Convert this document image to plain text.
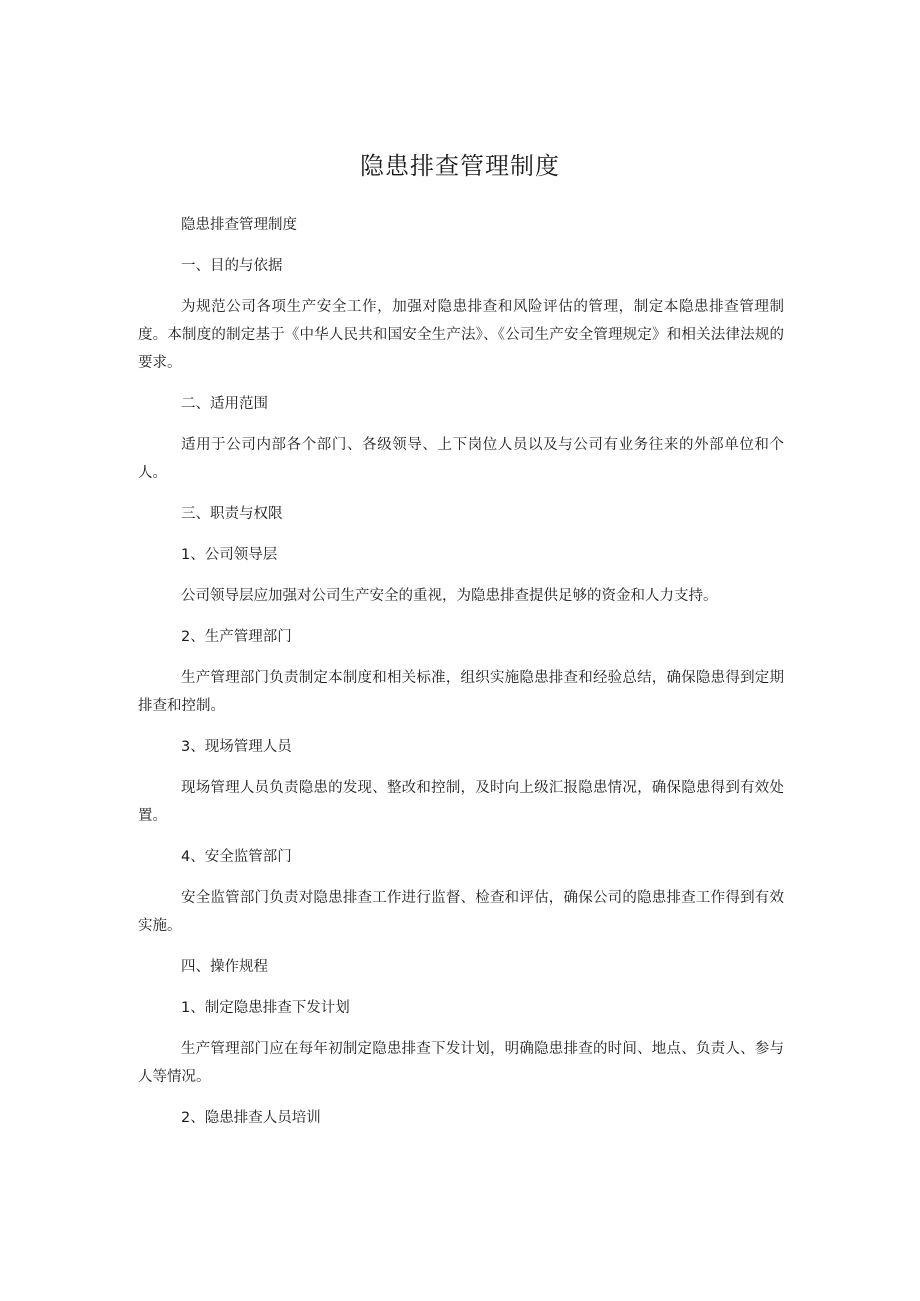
隐患排查管理制度

隐患排查管理制度

一、目的与依据

为规范公司各项生产安全工作，加强对隐患排查和风险评估的管理，制定本隐患排查管理制度。本制度的制定基于《中华人民共和国安全生产法》、《公司生产安全管理规定》和相关法律法规的要求。

二、适用范围

适用于公司内部各个部门、各级领导、上下岗位人员以及与公司有业务往来的外部单位和个人。

三、职责与权限

1、公司领导层

公司领导层应加强对公司生产安全的重视，为隐患排查提供足够的资金和人力支持。

2、生产管理部门

生产管理部门负责制定本制度和相关标准，组织实施隐患排查和经验总结，确保隐患得到定期排查和控制。

3、现场管理人员

现场管理人员负责隐患的发现、整改和控制，及时向上级汇报隐患情况，确保隐患得到有效处置。

4、安全监管部门

安全监管部门负责对隐患排查工作进行监督、检查和评估，确保公司的隐患排查工作得到有效实施。

四、操作规程

1、制定隐患排查下发计划

生产管理部门应在每年初制定隐患排查下发计划，明确隐患排查的时间、地点、负责人、参与人等情况。

2、隐患排查人员培训
